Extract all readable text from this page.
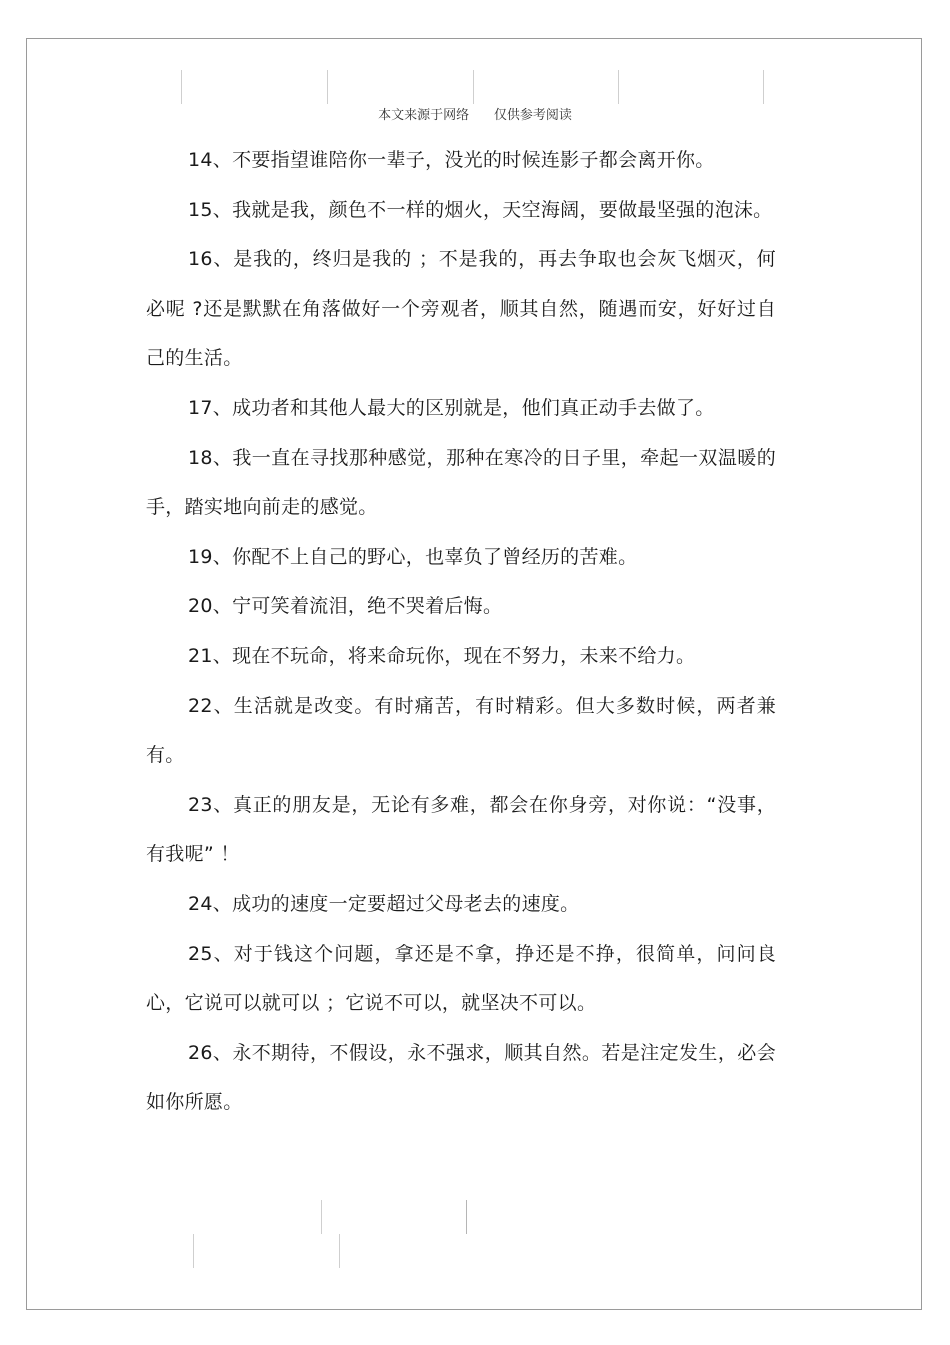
本文来源于网络      仅供参考阅读

14、不要指望谁陪你一辈子，没光的时候连影子都会离开你。

15、我就是我，颜色不一样的烟火，天空海阔，要做最坚强的泡沫。

16、是我的，终归是我的 ；不是我的，再去争取也会灰飞烟灭，何必呢 ?还是默默在角落做好一个旁观者，顺其自然，随遇而安，好好过自己的生活。

17、成功者和其他人最大的区别就是，他们真正动手去做了。

18、我一直在寻找那种感觉，那种在寒冷的日子里，牵起一双温暖的手，踏实地向前走的感觉。

19、你配不上自己的野心，也辜负了曾经历的苦难。

20、宁可笑着流泪，绝不哭着后悔。

21、现在不玩命，将来命玩你，现在不努力，未来不给力。

22、生活就是改变。有时痛苦，有时精彩。但大多数时候，两者兼有。

23、真正的朋友是，无论有多难，都会在你身旁，对你说：“没事，有我呢” ！

24、成功的速度一定要超过父母老去的速度。

25、对于钱这个问题，拿还是不拿，挣还是不挣，很简单，问问良心，它说可以就可以 ；它说不可以，就坚决不可以。

26、永不期待，不假设，永不强求，顺其自然。若是注定发生，必会如你所愿。
